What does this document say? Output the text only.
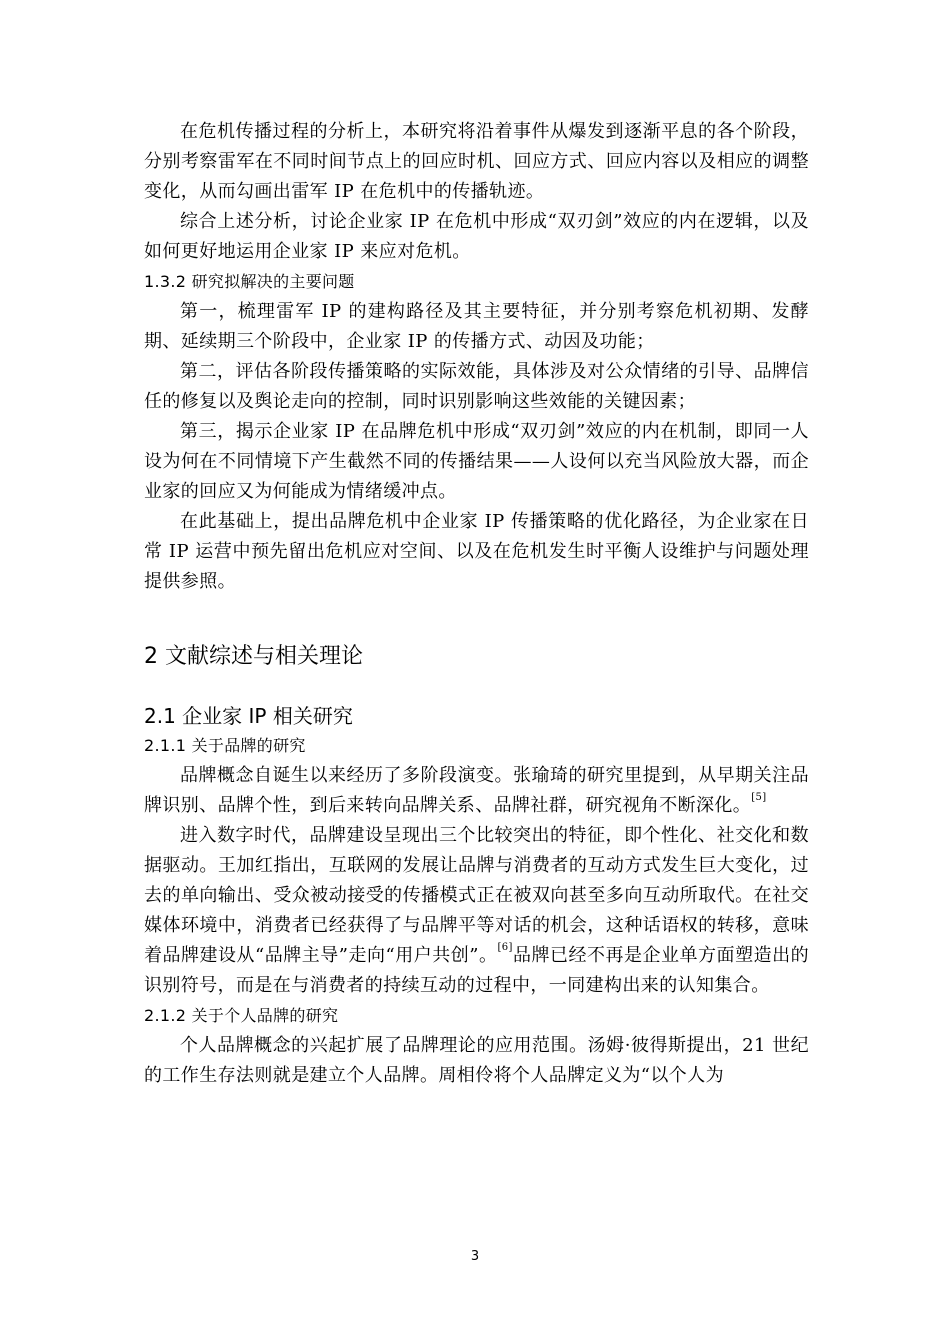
在危机传播过程的分析上，本研究将沿着事件从爆发到逐渐平息的各个阶段，分别考察雷军在不同时间节点上的回应时机、回应方式、回应内容以及相应的调整变化，从而勾画出雷军 IP 在危机中的传播轨迹。

综合上述分析，讨论企业家 IP 在危机中形成“双刃剑”效应的内在逻辑，以及如何更好地运用企业家 IP 来应对危机。

1.3.2 研究拟解决的主要问题

第一，梳理雷军 IP 的建构路径及其主要特征，并分别考察危机初期、发酵期、延续期三个阶段中，企业家 IP 的传播方式、动因及功能；

第二，评估各阶段传播策略的实际效能，具体涉及对公众情绪的引导、品牌信任的修复以及舆论走向的控制，同时识别影响这些效能的关键因素；

第三，揭示企业家 IP 在品牌危机中形成“双刃剑”效应的内在机制，即同一人设为何在不同情境下产生截然不同的传播结果——人设何以充当风险放大器，而企业家的回应又为何能成为情绪缓冲点。

在此基础上，提出品牌危机中企业家 IP 传播策略的优化路径，为企业家在日常 IP 运营中预先留出危机应对空间、以及在危机发生时平衡人设维护与问题处理提供参照。

2 文献综述与相关理论
2.1 企业家 IP 相关研究
2.1.1 关于品牌的研究

品牌概念自诞生以来经历了多阶段演变。张瑜琦的研究里提到，从早期关注品牌识别、品牌个性，到后来转向品牌关系、品牌社群，研究视角不断深化。[5]

进入数字时代，品牌建设呈现出三个比较突出的特征，即个性化、社交化和数据驱动。王加红指出，互联网的发展让品牌与消费者的互动方式发生巨大变化，过去的单向输出、受众被动接受的传播模式正在被双向甚至多向互动所取代。在社交媒体环境中，消费者已经获得了与品牌平等对话的机会，这种话语权的转移，意味着品牌建设从“品牌主导”走向“用户共创”。[6]品牌已经不再是企业单方面塑造出的识别符号，而是在与消费者的持续互动的过程中，一同建构出来的认知集合。

2.1.2 关于个人品牌的研究

个人品牌概念的兴起扩展了品牌理论的应用范围。汤姆·彼得斯提出，21 世纪的工作生存法则就是建立个人品牌。周相伶将个人品牌定义为“以个人为

3
